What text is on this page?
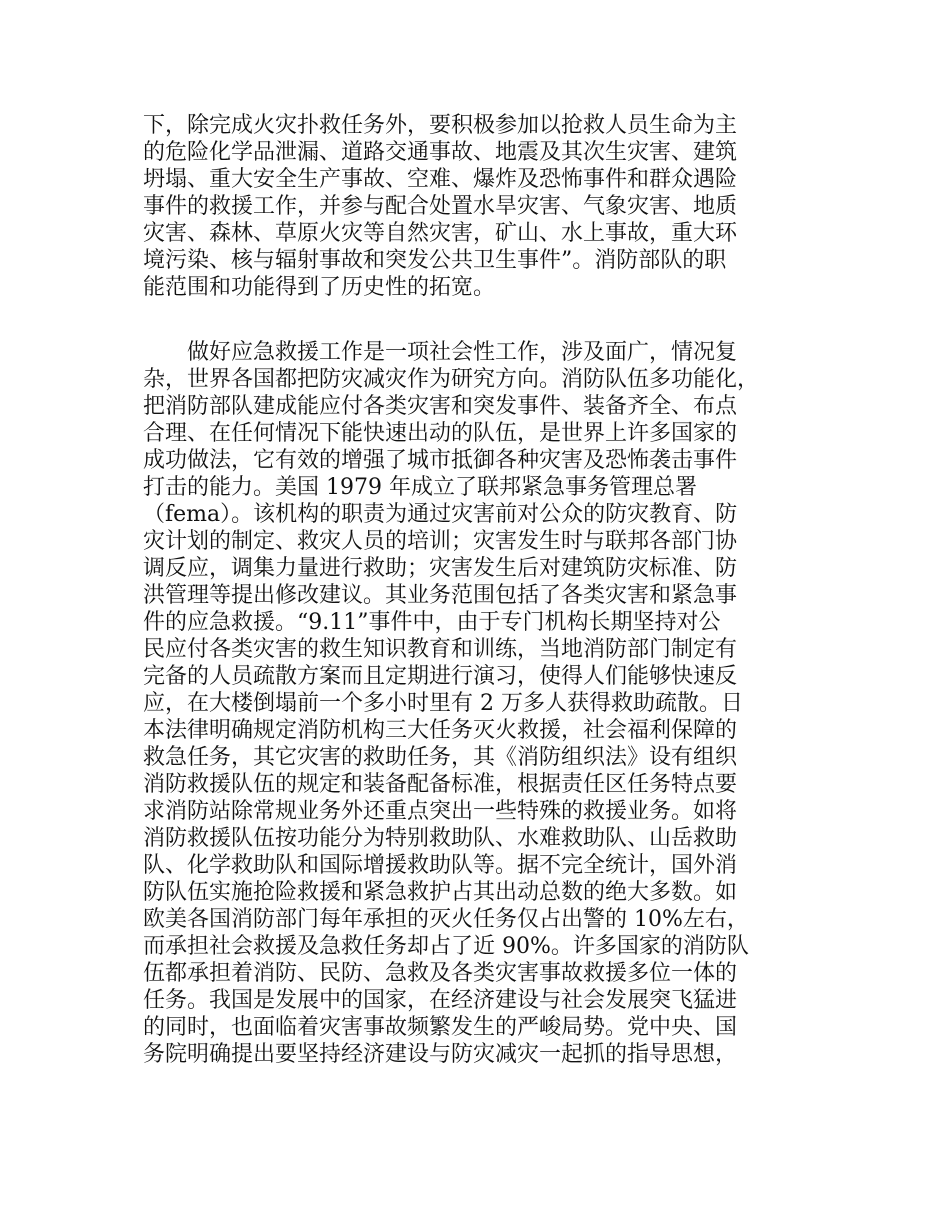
下，除完成火灾扑救任务外，要积极参加以抢救人员生命为主
的危险化学品泄漏、道路交通事故、地震及其次生灾害、建筑
坍塌、重大安全生产事故、空难、爆炸及恐怖事件和群众遇险
事件的救援工作，并参与配合处置水旱灾害、气象灾害、地质
灾害、森林、草原火灾等自然灾害，矿山、水上事故，重大环
境污染、核与辐射事故和突发公共卫生事件”。消防部队的职
能范围和功能得到了历史性的拓宽。
　　做好应急救援工作是一项社会性工作，涉及面广，情况复
杂，世界各国都把防灾减灾作为研究方向。消防队伍多功能化，
把消防部队建成能应付各类灾害和突发事件、装备齐全、布点
合理、在任何情况下能快速出动的队伍，是世界上许多国家的
成功做法，它有效的增强了城市抵御各种灾害及恐怖袭击事件
打击的能力。美国 1979 年成立了联邦紧急事务管理总署
（fema）。该机构的职责为通过灾害前对公众的防灾教育、防
灾计划的制定、救灾人员的培训；灾害发生时与联邦各部门协
调反应，调集力量进行救助；灾害发生后对建筑防灾标准、防
洪管理等提出修改建议。其业务范围包括了各类灾害和紧急事
件的应急救援。“9.11”事件中，由于专门机构长期坚持对公
民应付各类灾害的救生知识教育和训练，当地消防部门制定有
完备的人员疏散方案而且定期进行演习，使得人们能够快速反
应，在大楼倒塌前一个多小时里有 2 万多人获得救助疏散。日
本法律明确规定消防机构三大任务灭火救援，社会福利保障的
救急任务，其它灾害的救助任务，其《消防组织法》设有组织
消防救援队伍的规定和装备配备标准，根据责任区任务特点要
求消防站除常规业务外还重点突出一些特殊的救援业务。如将
消防救援队伍按功能分为特别救助队、水难救助队、山岳救助
队、化学救助队和国际增援救助队等。据不完全统计，国外消
防队伍实施抢险救援和紧急救护占其出动总数的绝大多数。如
欧美各国消防部门每年承担的灭火任务仅占出警的 10%左右，
而承担社会救援及急救任务却占了近 90%。许多国家的消防队
伍都承担着消防、民防、急救及各类灾害事故救援多位一体的
任务。我国是发展中的国家，在经济建设与社会发展突飞猛进
的同时，也面临着灾害事故频繁发生的严峻局势。党中央、国
务院明确提出要坚持经济建设与防灾减灾一起抓的指导思想，
